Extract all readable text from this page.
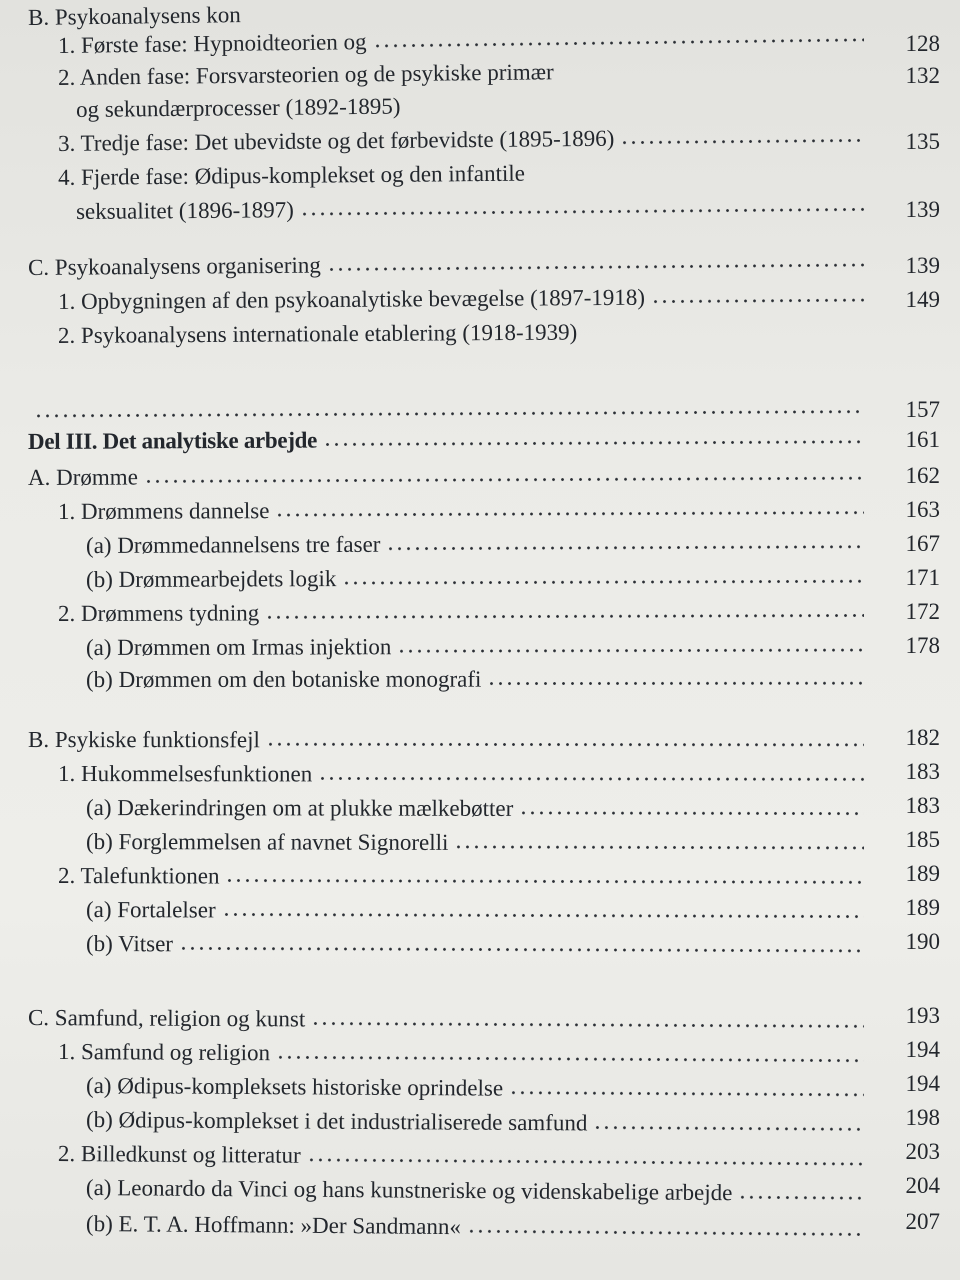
B. Psykoanalysens kon
1. Første fase: Hypnoidteorien og	128
2. Anden fase: Forsvarsteorien og de psykiske primær	132
og sekundærprocesser (1892-1895)
3. Tredje fase: Det ubevidste og det førbevidste (1895-1896)	135
4. Fjerde fase: Ødipus-komplekset og den infantile
seksualitet (1896-1897)	139
C. Psykoanalysens organisering	139
1. Opbygningen af den psykoanalytiske bevægelse (1897-1918)	149
2. Psykoanalysens internationale etablering (1918-1939)
157
Del III. Det analytiske arbejde	161
A. Drømme	162
1. Drømmens dannelse	163
(a) Drømmedannelsens tre faser	167
(b) Drømmearbejdets logik	171
2. Drømmens tydning	172
(a) Drømmen om Irmas injektion	178
(b) Drømmen om den botaniske monografi
B. Psykiske funktionsfejl	182
1. Hukommelsesfunktionen	183
(a) Dækerindringen om at plukke mælkebøtter	183
(b) Forglemmelsen af navnet Signorelli	185
2. Talefunktionen	189
(a) Fortalelser	189
(b) Vitser	190
C. Samfund, religion og kunst	193
1. Samfund og religion	194
(a) Ødipus-kompleksets historiske oprindelse	194
(b) Ødipus-komplekset i det industrialiserede samfund	198
2. Billedkunst og litteratur	203
(a) Leonardo da Vinci og hans kunstneriske og videnskabelige arbejde	204
(b) E. T. A. Hoffmann: »Der Sandmann«	207
